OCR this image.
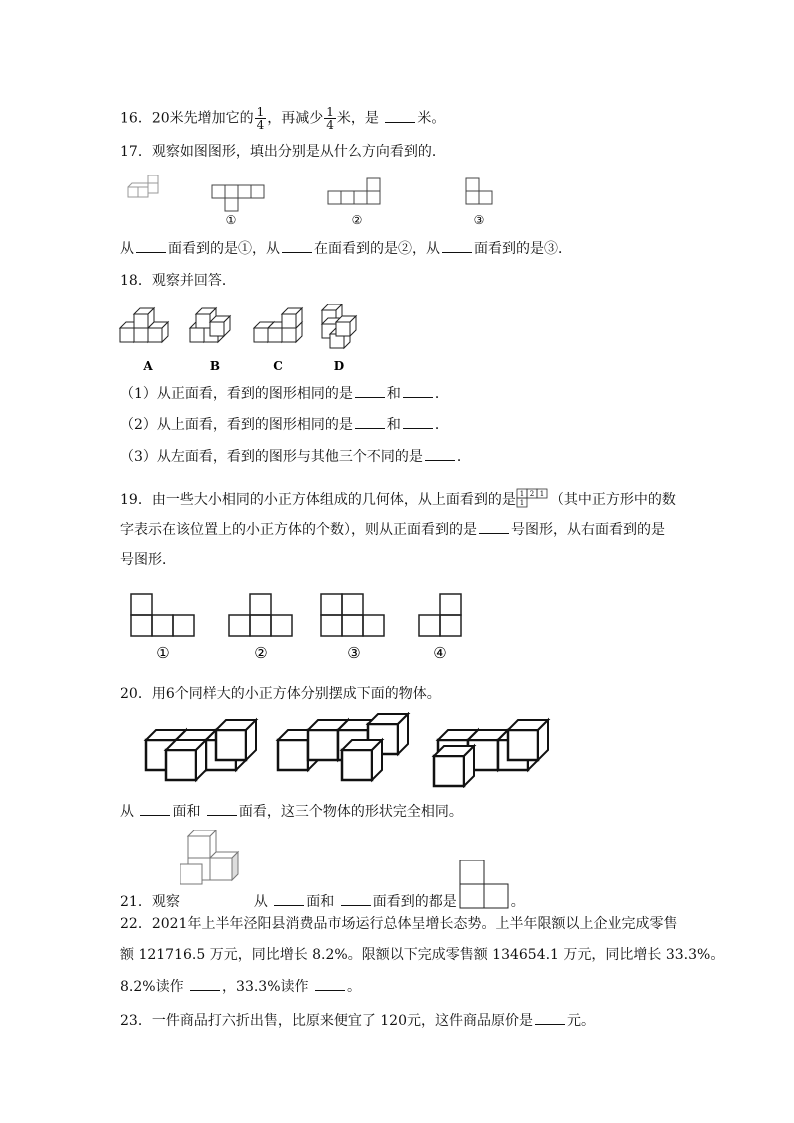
16．20米先增加它的 $\frac{1}{4}$ ，再减少 $\frac{1}{4}$ 米，是	米。
17．观察如图图形，填出分别是从什么方向看到的．
①	②	③
从 面看到的是①，从 在面看到的是②，从 面看到的是③．
18．观察并回答．
A	B	C	D
（1）从正面看，看到的图形相同的是 和 ．
（2）从上面看，看到的图形相同的是 和 ．
（3）从左面看，看到的图形与其他三个不同的是 ．
19．由一些大小相同的小正方体组成的几何体，从上面看到的是 1 2 1
1 （其中正方形中的数
字表示在该位置上的小正方体的个数），则从正面看到的是 号图形，从右面看到的是
号图形．
①	②	③	④
20．用6个同样大的小正方体分别摆成下面的物体。
从	面和	面看，这三个物体的形状完全相同。
21．观察	从	面和	面看到的都是	。
22．2021年上半年泾阳县消费品市场运行总体呈增长态势。上半年限额以上企业完成零售
额 121716.5 万元，同比增长 8.2%。限额以下完成零售额 134654.1 万元，同比增长 33.3%。
8.2%读作	，33.3%读作	。
23．一件商品打六折出售，比原来便宜了 120元，这件商品原价是 元。
